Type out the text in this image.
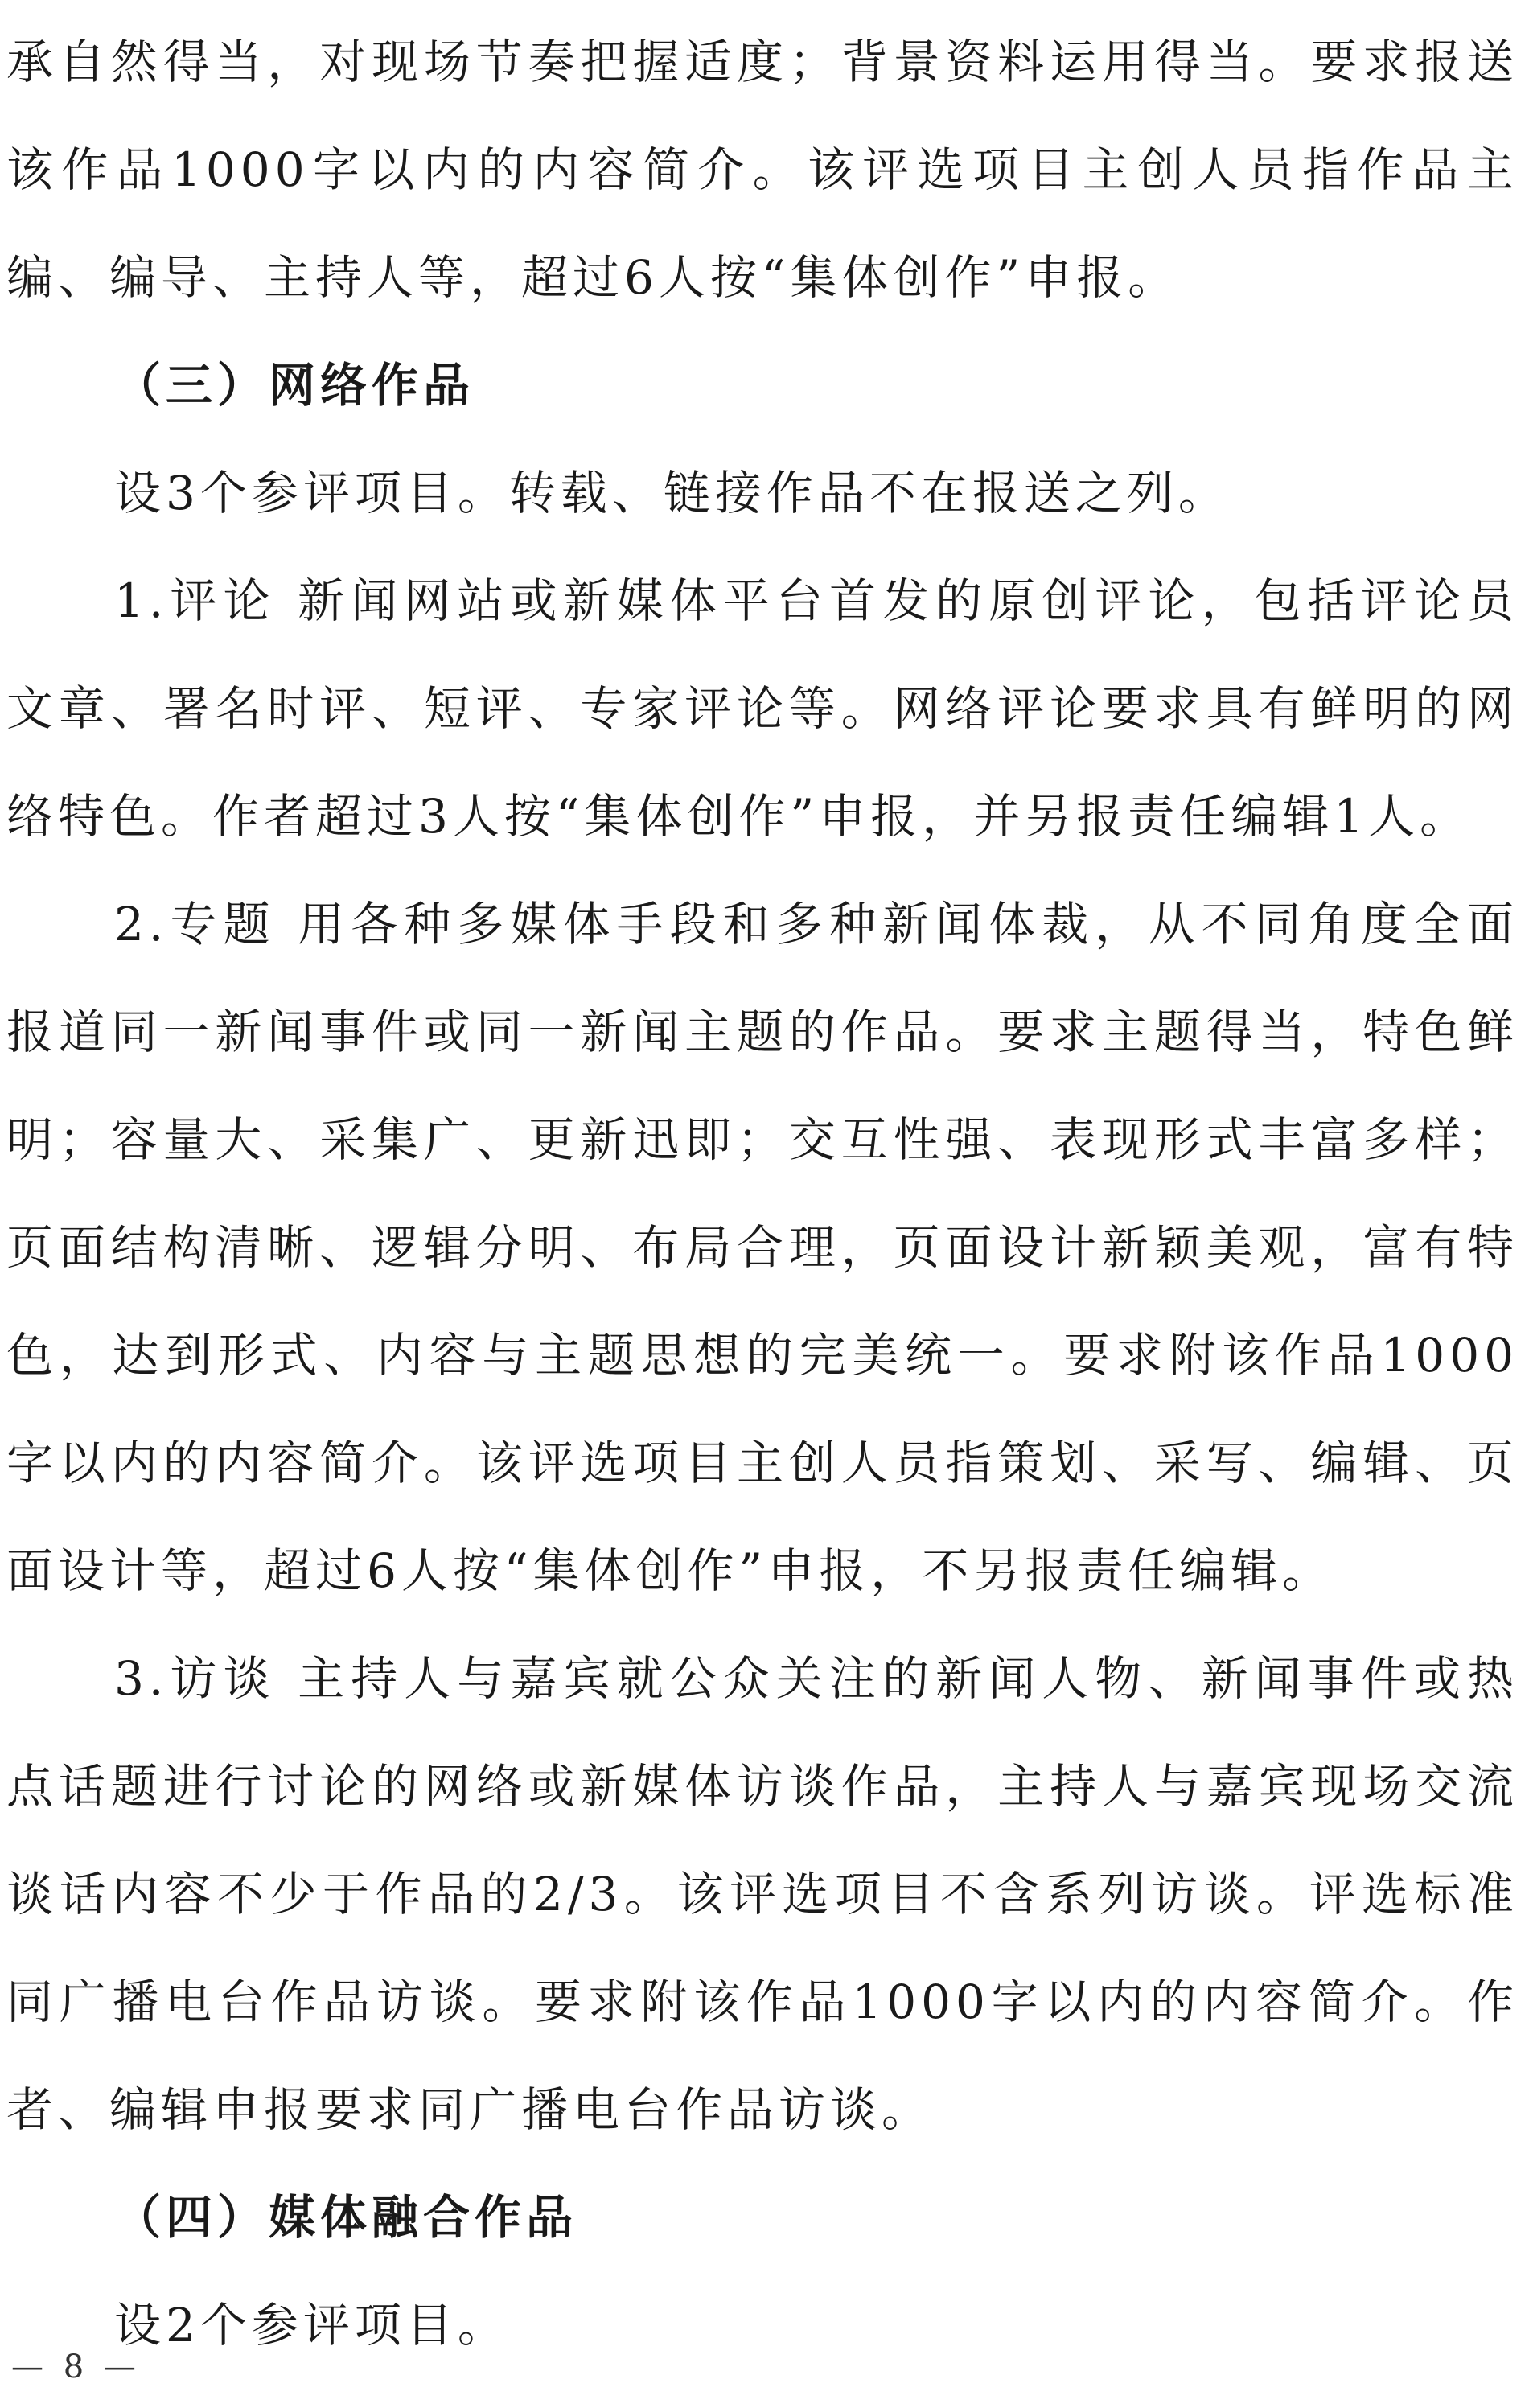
承自然得当，对现场节奏把握适度；背景资料运用得当。要求报送该作品1000字以内的内容简介。该评选项目主创人员指作品主编、编导、主持人等，超过6人按“集体创作”申报。

（三）网络作品

设3个参评项目。转载、链接作品不在报送之列。

1.评论 新闻网站或新媒体平台首发的原创评论，包括评论员文章、署名时评、短评、专家评论等。网络评论要求具有鲜明的网络特色。作者超过3人按“集体创作”申报，并另报责任编辑1人。

2.专题 用各种多媒体手段和多种新闻体裁，从不同角度全面报道同一新闻事件或同一新闻主题的作品。要求主题得当，特色鲜明；容量大、采集广、更新迅即；交互性强、表现形式丰富多样；页面结构清晰、逻辑分明、布局合理，页面设计新颖美观，富有特色，达到形式、内容与主题思想的完美统一。要求附该作品1000字以内的内容简介。该评选项目主创人员指策划、采写、编辑、页面设计等，超过6人按“集体创作”申报，不另报责任编辑。

3.访谈 主持人与嘉宾就公众关注的新闻人物、新闻事件或热点话题进行讨论的网络或新媒体访谈作品，主持人与嘉宾现场交流谈话内容不少于作品的2/3。该评选项目不含系列访谈。评选标准同广播电台作品访谈。要求附该作品1000字以内的内容简介。作者、编辑申报要求同广播电台作品访谈。

（四）媒体融合作品

设2个参评项目。

— 8 —
